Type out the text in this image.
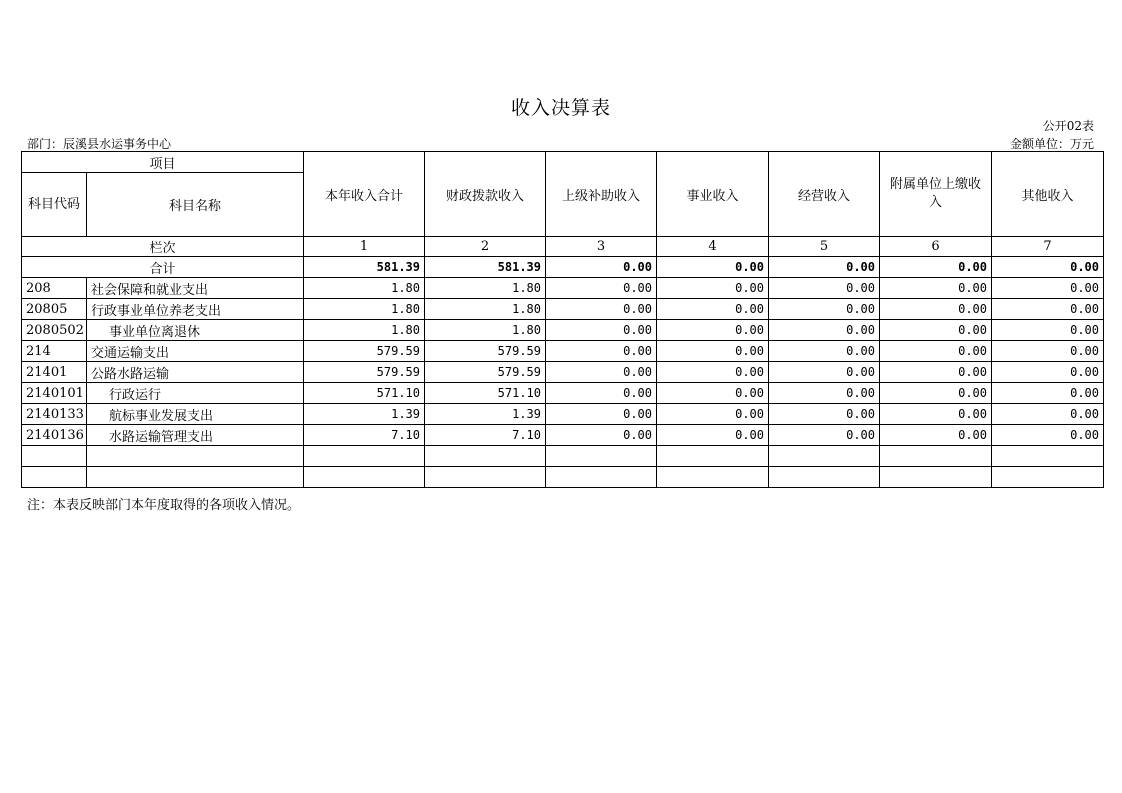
收入决算表
公开02表
部门：辰溪县水运事务中心	金额单位：万元
项目		本年收入合计	财政拨款收入	上级补助收入	事业收入	经营收入	附属单位上缴收入	其他收入
科目代码	科目名称							
栏次		1	2	3	4	5	6	7
合计		581.39	581.39	0.00	0.00	0.00	0.00	0.00
208	社会保障和就业支出	1.80	1.80	0.00	0.00	0.00	0.00	0.00
20805	行政事业单位养老支出	1.80	1.80	0.00	0.00	0.00	0.00	0.00
2080502	事业单位离退休	1.80	1.80	0.00	0.00	0.00	0.00	0.00
214	交通运输支出	579.59	579.59	0.00	0.00	0.00	0.00	0.00
21401	公路水路运输	579.59	579.59	0.00	0.00	0.00	0.00	0.00
2140101	行政运行	571.10	571.10	0.00	0.00	0.00	0.00	0.00
2140133	航标事业发展支出	1.39	1.39	0.00	0.00	0.00	0.00	0.00
2140136	水路运输管理支出	7.10	7.10	0.00	0.00	0.00	0.00	0.00

注：本表反映部门本年度取得的各项收入情况。
